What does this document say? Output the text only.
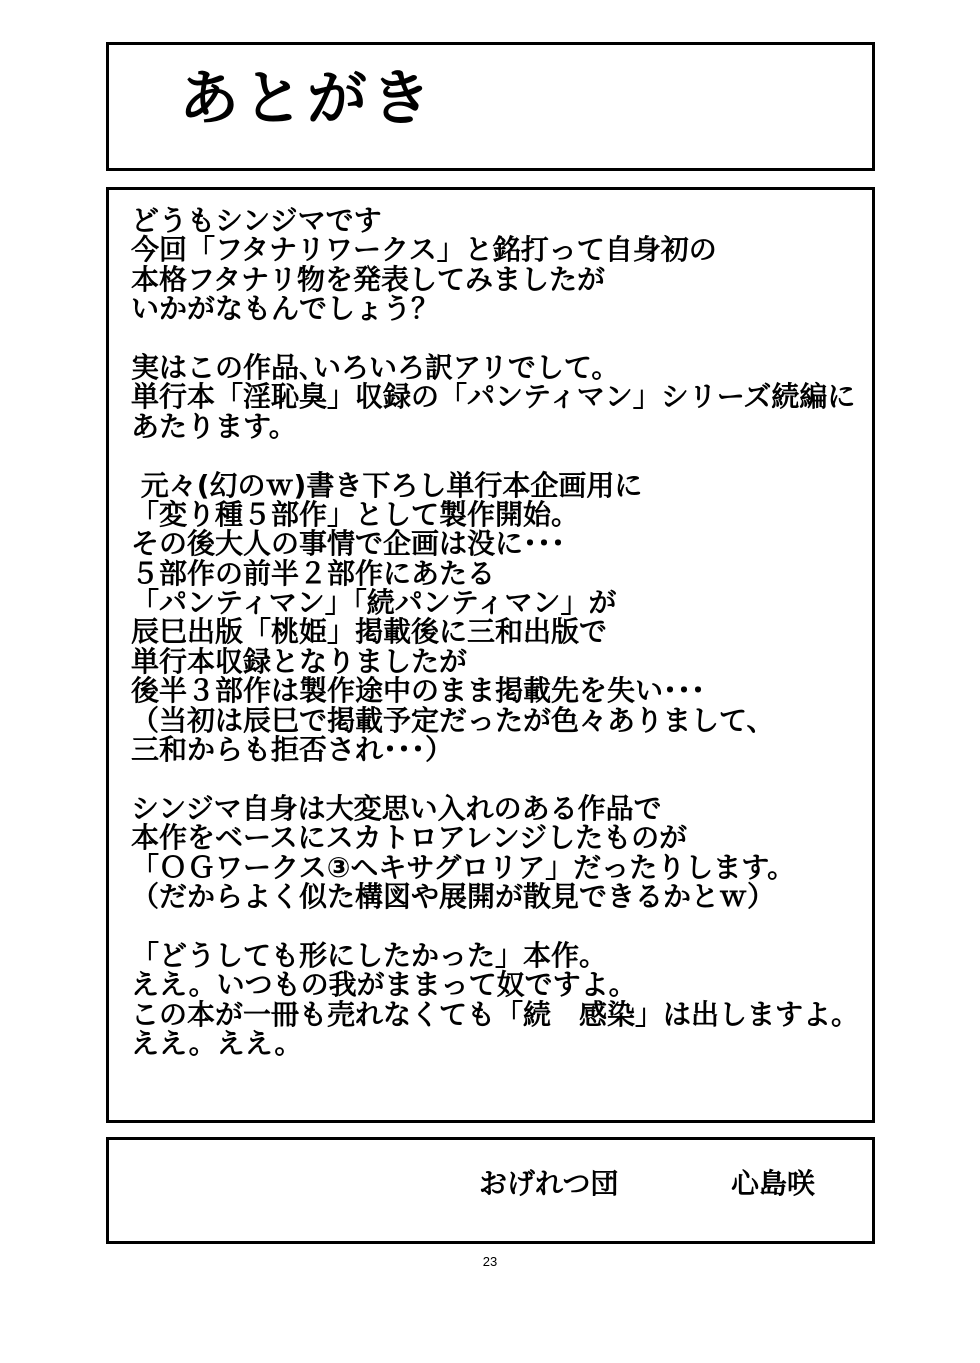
あとがき
どうもシンジマです
今回「フタナリワークス」と銘打って自身初の
本格フタナリ物を発表してみましたが
いかがなもんでしょう？
実はこの作品､いろいろ訳アリでして。
単行本「淫恥臭」収録の「パンティマン」シリーズ続編に
あたります。
元々(幻のｗ)書き下ろし単行本企画用に
「変り種５部作」として製作開始。
その後大人の事情で企画は没に･･･
５部作の前半２部作にあたる
「パンティマン」「続パンティマン」が
辰巳出版「桃姫」掲載後に三和出版で
単行本収録となりましたが
後半３部作は製作途中のまま掲載先を失い･･･
（当初は辰巳で掲載予定だったが色々ありまして、
三和からも拒否され･･･）
シンジマ自身は大変思い入れのある作品で
本作をベースにスカトロアレンジしたものが
「ＯＧワークス③ヘキサグロリア」だったりします。
（だからよく似た構図や展開が散見できるかとｗ）
「どうしても形にしたかった」本作。
ええ。いつもの我がままって奴ですよ。
この本が一冊も売れなくても「続　感染」は出しますよ。
ええ。ええ。
おげれつ団	心島咲
23
